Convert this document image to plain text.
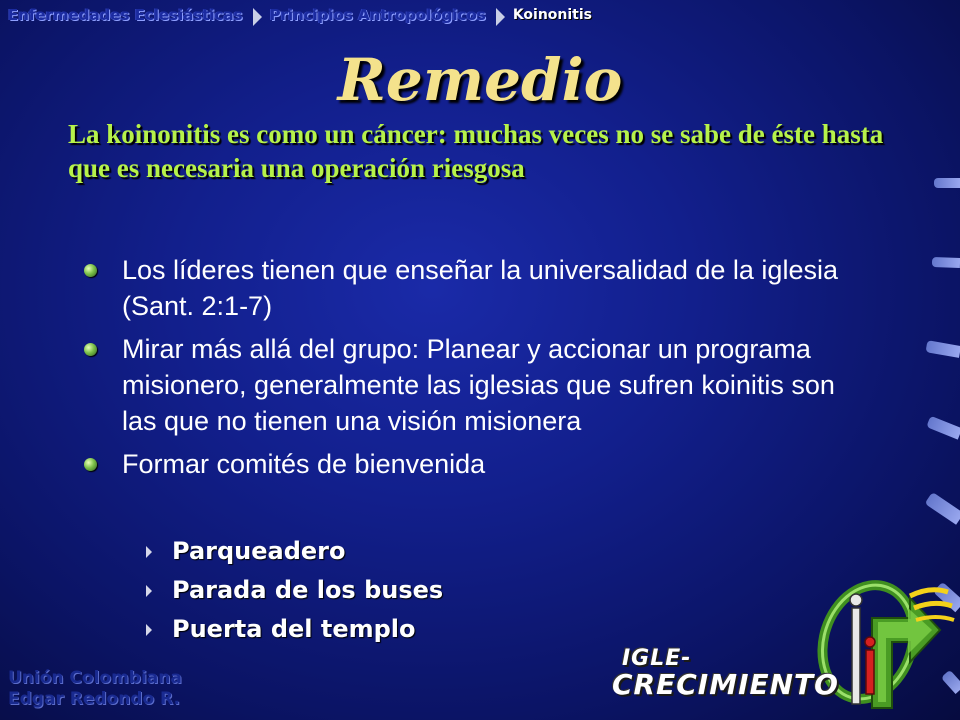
Enfermedades Eclesiásticas Principios Antropológicos Koinonitis
Remedio
La koinonitis es como un cáncer: muchas veces no se sabe de éste hasta que es necesaria una operación riesgosa
Los líderes tienen que enseñar la universalidad de la iglesia (Sant. 2:1-7)
Mirar más allá del grupo: Planear y accionar un programa misionero, generalmente las iglesias que sufren koinitis son las que no tienen una visión misionera
Formar comités de bienvenida
Parqueadero
Parada de los buses
Puerta del templo
Unión Colombiana
Edgar Redondo R.
IGLE-
CRECIMIENTO
